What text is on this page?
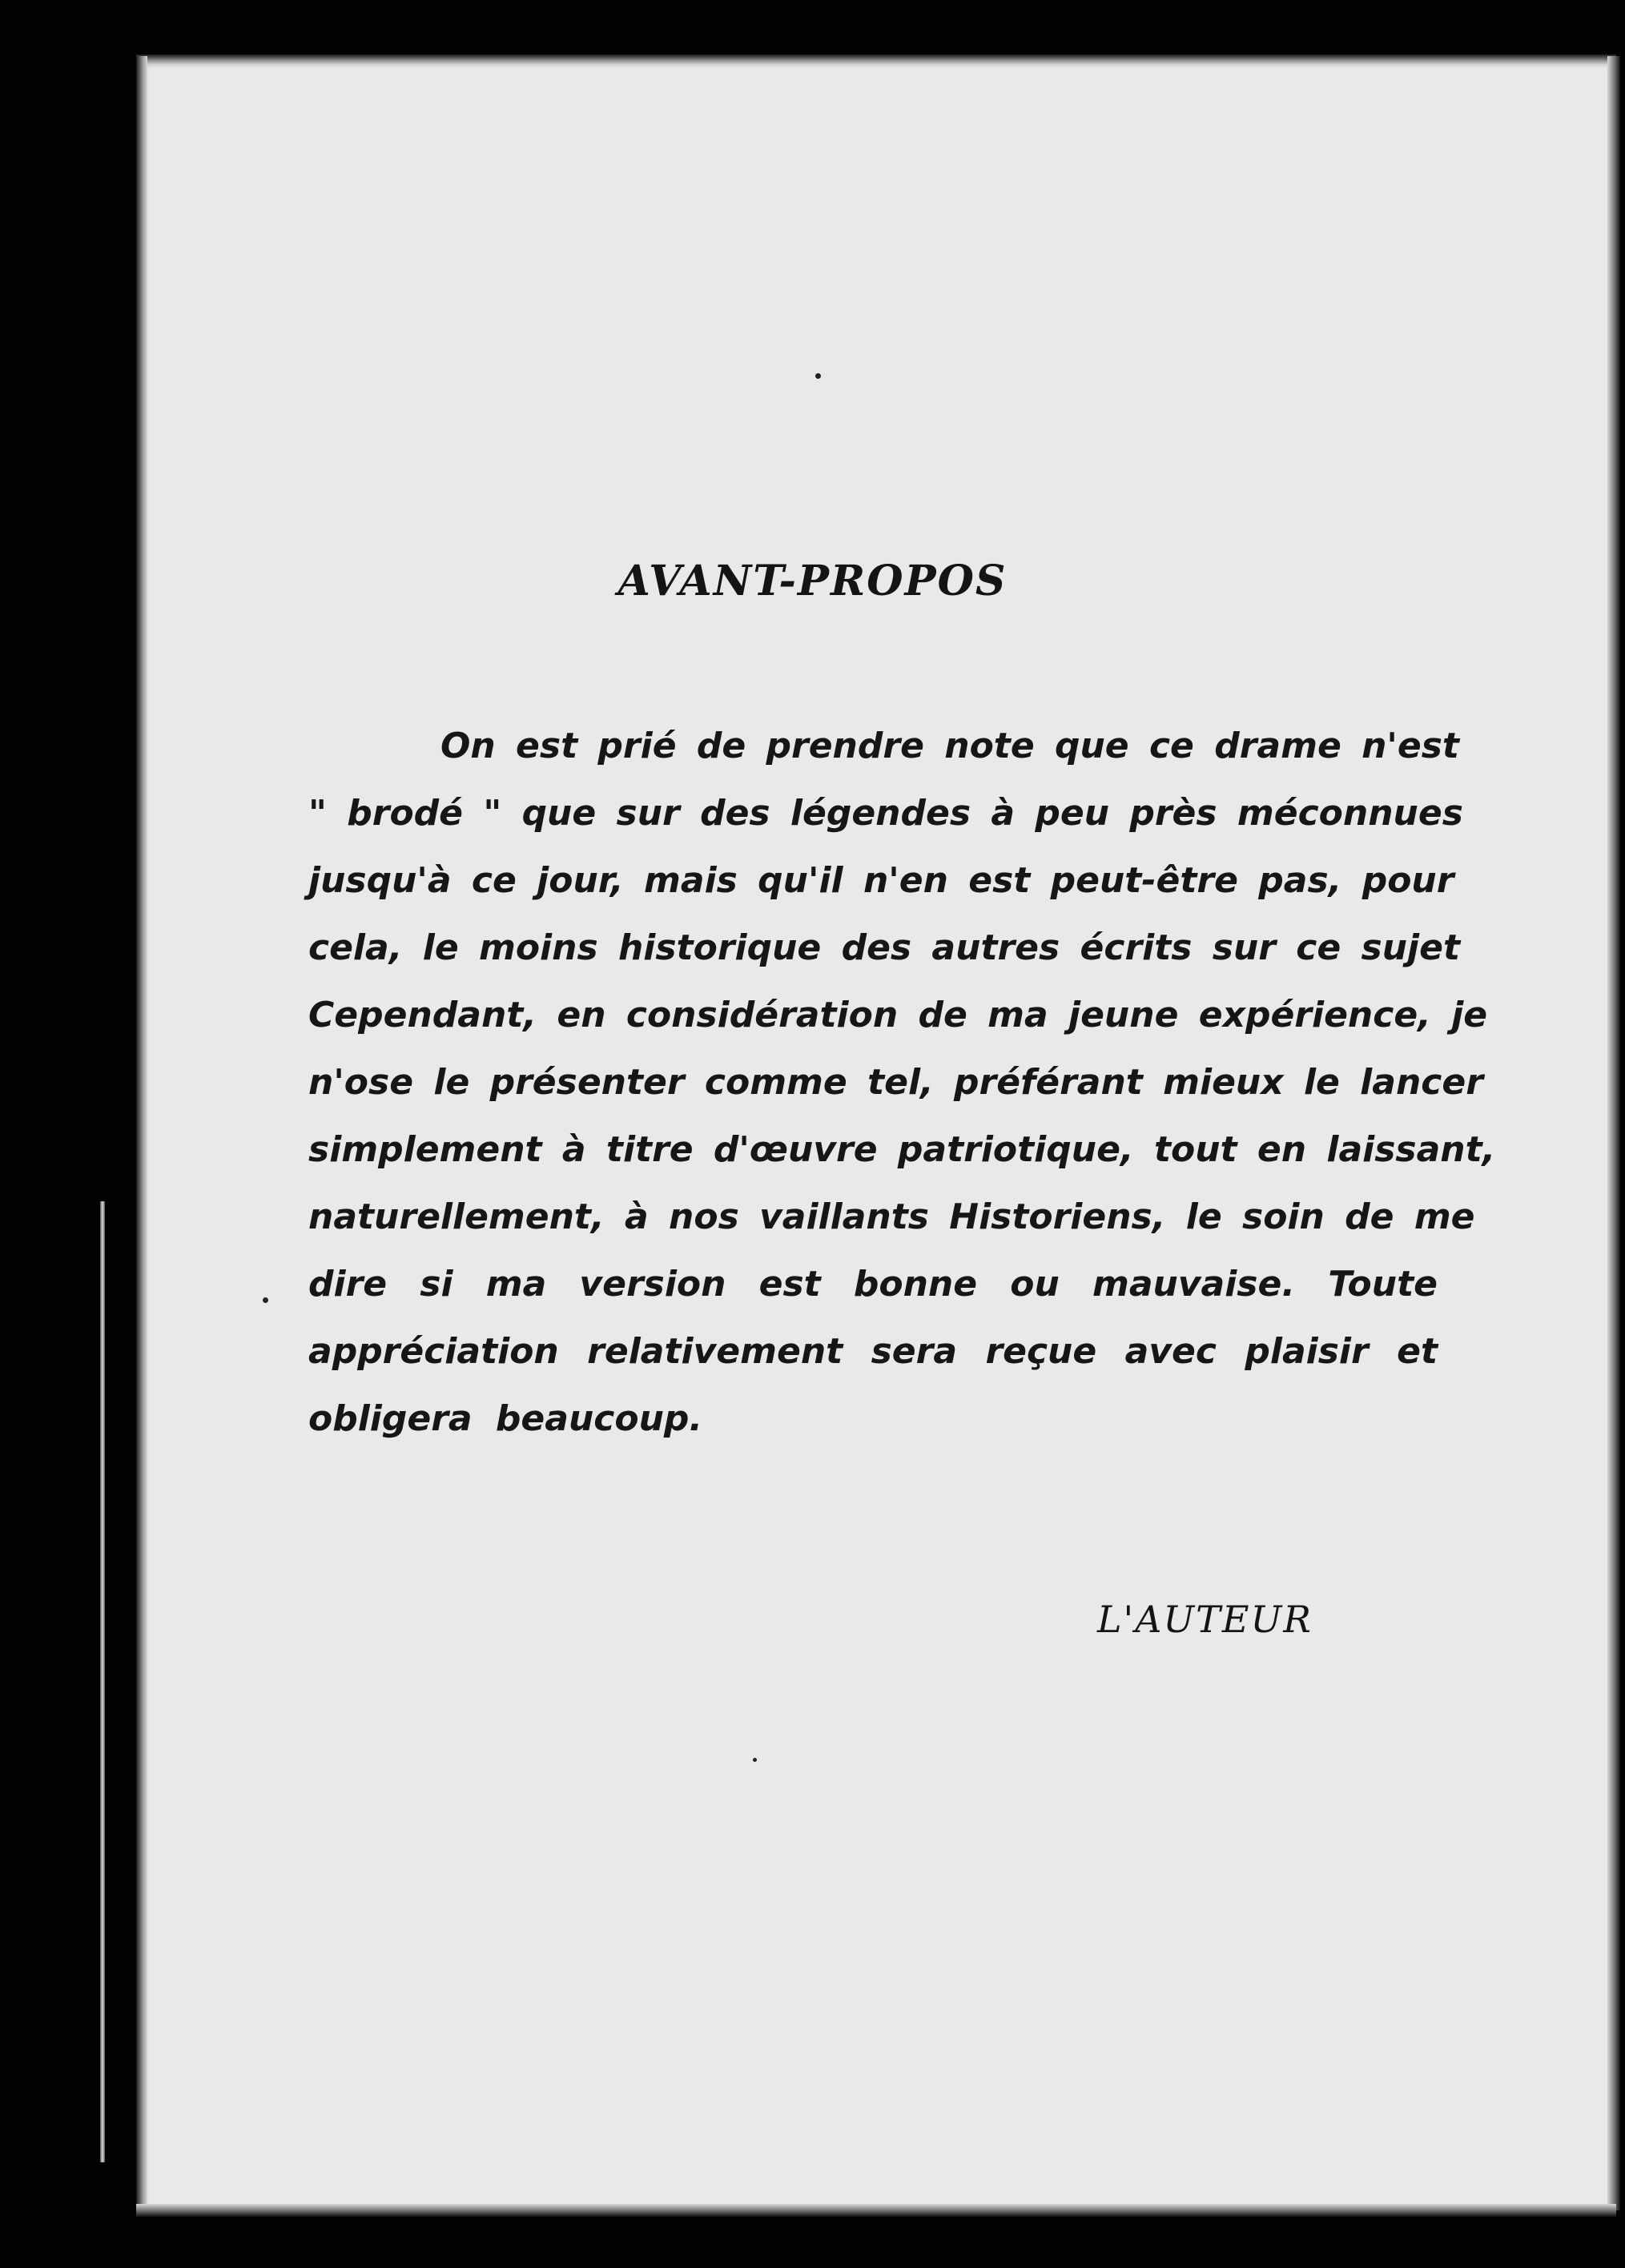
AVANT-PROPOS
On est prié de prendre note que ce drame n'est
" brodé " que sur des légendes à peu près méconnues
jusqu'à ce jour, mais qu'il n'en est peut-être pas, pour
cela, le moins historique des autres écrits sur ce sujet
Cependant, en considération de ma jeune expérience, je
n'ose le présenter comme tel, préférant mieux le lancer
simplement à titre d'œuvre patriotique, tout en laissant,
naturellement, à nos vaillants Historiens, le soin de me
dire si ma version est bonne ou mauvaise. Toute
appréciation relativement sera reçue avec plaisir et
obligera beaucoup.
L'AUTEUR
